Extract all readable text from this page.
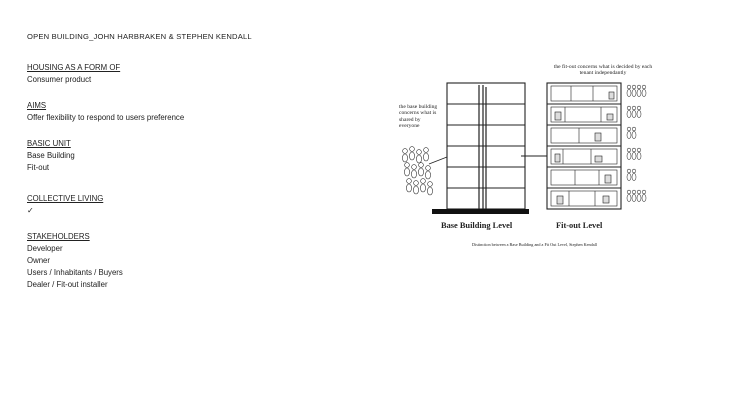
OPEN BUILDING_JOHN HARBRAKEN & STEPHEN KENDALL
HOUSING AS A FORM OF
Consumer product
AIMS
Offer flexibility to respond to users preference
BASIC UNIT
Base Building
Fit-out
COLLECTIVE LIVING
✓
STAKEHOLDERS
Developer
Owner
Users / Inhabitants / Buyers
Dealer / Fit-out installer
the base building concerns what is shared by everyone
the fit-out concerns what is decided by each tenant independantly
Base Building Level	Fit-out Level
Distinction between a Base Building and a Fit Out Level, Stephen Kendall
